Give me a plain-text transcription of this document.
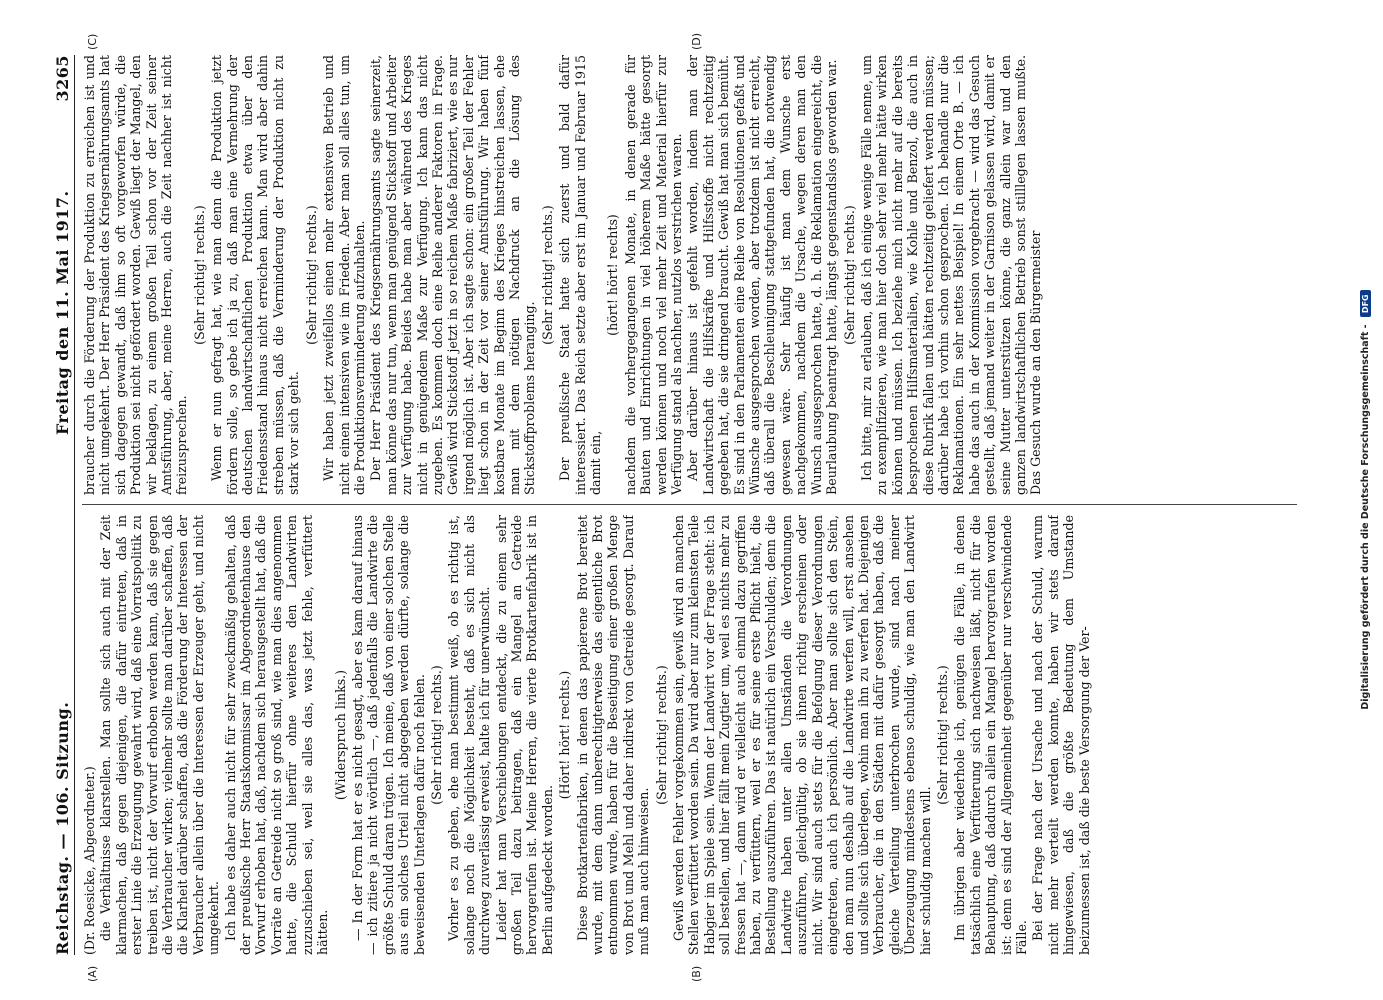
Reichstag. — 106. Sitzung.
Freitag den 11. Mai 1917.
3265

(Dr. Roesicke, Abgeordneter.) die Verhältnisse klarstellen. Man sollte sich auch mit der Zeit klarmachen, daß gegen diejenigen, die dafür eintreten, daß in erster Linie die Erzeugung gewahrt wird, daß eine Vorratspolitik zu treiben ist, nicht der Vorwurf erhoben werden kann, daß sie gegen die Verbraucher wirken; vielmehr sollte man darüber schaffen, daß die Klarheit darüber schaffen, daß die Förderung der Interessen der Verbraucher allein über die Interessen der Erzeuger geht, und nicht umgekehrt. Ich habe es daher auch nicht für sehr zweckmäßig gehalten, daß der preußische Herr Staatskommissar im Abgeordnetenhause den Vorwurf erhoben hat, daß, nachdem sich herausgestellt hat, daß die Vorräte an Getreide nicht so groß sind, wie man dies angenommen hatte, die Schuld hierfür ohne weiteres den Landwirten zuzuschieben sei, weil sie alles das, was jetzt fehle, verfüttert hätten.

(Widerspruch links.) — In der Form hat er es nicht gesagt, aber es kam darauf hinaus — ich zitiere ja nicht wörtlich —, daß jedenfalls die Landwirte die größte Schuld daran trügen. Ich meine, daß von einer solchen Stelle aus ein solches Urteil nicht abgegeben werden dürfte, solange die beweisenden Unterlagen dafür noch fehlen. (Sehr richtig! rechts.) Vorher es zu geben, ehe man bestimmt weiß, ob es richtig ist, solange noch die Möglichkeit besteht, daß es sich nicht als durchweg zuverlässig erweist, halte ich für unerwünscht. Leider hat man Verschiebungen entdeckt, die zu einem sehr großen Teil dazu beitragen, daß ein Mangel an Getreide hervorgerufen ist. Meine Herren, die vierte Brotkartenfabrik ist in Berlin aufgedeckt worden.

(Hört! hört! rechts.) Diese Brotkartenfabriken, in denen das papierene Brot bereitet wurde, mit dem dann unberechtigterweise das eigentliche Brot entnommen wurde, haben für die Beseitigung einer großen Menge von Brot und Mehl und daher indirekt von Getreide gesorgt. Darauf muß man auch hinweisen.

(Sehr richtig! rechts.) Gewiß werden Fehler vorgekommen sein, gewiß wird an manchen Stellen verfüttert worden sein. Da wird aber nur zum kleinsten Teile Habgier im Spiele sein. Wenn der Landwirt vor der Frage steht: ich soll bestellen, und hier fällt mein Zugtier um, weil es nichts mehr zu fressen hat —, dann wird er vielleicht auch einmal dazu gegriffen haben, zu verfüttern, weil er es für seine erste Pflicht hielt, die Bestellung auszuführen. Das ist natürlich ein Verschulden; denn die Landwirte haben unter allen Umständen die Verordnungen auszuführen, gleichgültig, ob sie ihnen richtig erscheinen oder nicht. Wir sind auch stets für die Befolgung dieser Verordnungen eingetreten, auch ich persönlich. Aber man sollte sich den Stein, den man nun deshalb auf die Landwirte werfen will, erst ansehen und sollte sich überlegen, wohin man ihn zu werfen hat. Diejenigen Verbraucher, die in den Städten mit dafür gesorgt haben, daß die gleiche Verteilung unterbrochen wurde, sind nach meiner Überzeugung mindestens ebenso schuldig, wie man den Landwirt hier schuldig machen will.

(Sehr richtig! rechts.) Im übrigen aber wiederhole ich, genügen die Fälle, in denen tatsächlich eine Verfütterung sich nachweisen läßt, nicht für die Behauptung, daß dadurch allein ein Mangel hervorgerufen worden ist: denn es sind der Allgemeinheit gegenüber nur verschwindende Fälle. Bei der Frage nach der Ursache und nach der Schuld, warum nicht mehr verteilt werden konnte, haben wir stets darauf hingewiesen, daß die größte Bedeutung dem Umstande beizumessen ist, daß die beste Versorgung der Ver-

braucher durch die Förderung der Produktion zu erreichen ist und nicht umgekehrt. Der Herr Präsident des Kriegsernährungsamts hat sich dagegen gewandt, daß ihm so oft vorgeworfen würde, die Produktion sei nicht gefördert worden. Gewiß liegt der Mangel, den wir beklagen, zu einem großen Teil schon vor der Zeit seiner Amtsführung, aber, meine Herren, auch die Zeit nachher ist nicht freizusprechen.

(Sehr richtig! rechts.) Wenn er nun gefragt hat, wie man denn die Produktion jetzt fördern solle, so gebe ich ja zu, daß man eine Vermehrung der deutschen landwirtschaftlichen Produktion etwa über den Friedensstand hinaus nicht erreichen kann. Man wird aber dahin streben müssen, daß die Verminderung der Produktion nicht zu stark vor sich geht.

(Sehr richtig! rechts.) Wir haben jetzt zweifellos einen mehr extensiven Betrieb und nicht einen intensiven wie im Frieden. Aber man soll alles tun, um die Produktionsverminderung aufzuhalten. Der Herr Präsident des Kriegsernährungsamts sagte seinerzeit, man könne das nur tun, wenn man genügend Stickstoff und Arbeiter zur Verfügung habe. Beides habe man aber während des Krieges nicht in genügendem Maße zur Verfügung. Ich kann das nicht zugeben. Es kommen doch eine Reihe anderer Faktoren in Frage. Gewiß wird Stickstoff jetzt in so reichem Maße fabriziert, wie es nur irgend möglich ist. Aber ich sagte schon: ein großer Teil der Fehler liegt schon in der Zeit vor seiner Amtsführung. Wir haben fünf kostbare Monate im Beginn des Krieges hinstreichen lassen, ehe man mit dem nötigen Nachdruck an die Lösung des Stickstoffproblems heranging.

(Sehr richtig! rechts.) Der preußische Staat hatte sich zuerst und bald dafür interessiert. Das Reich setzte aber erst im Januar und Februar 1915 damit ein,

(hört! hört! rechts) nachdem die vorhergegangenen Monate, in denen gerade für Bauten und Einrichtungen in viel höherem Maße hätte gesorgt werden können und noch viel mehr Zeit und Material hierfür zur Verfügung stand als nachher, nutzlos verstrichen waren. Aber darüber hinaus ist gefehlt worden, indem man der Landwirtschaft die Hilfskräfte und Hilfsstoffe nicht rechtzeitig gegeben hat, die sie dringend braucht. Gewiß hat man sich bemüht. Es sind in den Parlamenten eine Reihe von Resolutionen gefaßt und Wünsche ausgesprochen worden, aber trotzdem ist nicht erreicht, daß überall die Beschleunigung stattgefunden hat, die notwendig gewesen wäre. Sehr häufig ist man dem Wunsche erst nachgekommen, nachdem die Ursache, wegen deren man den Wunsch ausgesprochen hatte, d. h. die Reklamation eingereicht, die Beurlaubung beantragt hatte, längst gegenstandslos geworden war. (Sehr richtig! rechts.) Ich bitte, mir zu erlauben, daß ich einige wenige Fälle nenne, um zu exemplifizieren, wie man hier doch sehr viel mehr hätte wirken können und müssen. Ich beziehe mich nicht mehr auf die bereits besprochenen Hilfsmaterialien, wie Kohle und Benzol, die auch in diese Rubrik fallen und hätten rechtzeitig geliefert werden müssen; darüber habe ich vorhin schon gesprochen. Ich behandle nur die Reklamationen. Ein sehr nettes Beispiel! In einem Orte B. — ich habe das auch in der Kommission vorgebracht — wird das Gesuch gestellt, daß jemand weiter in der Garnison gelassen wird, damit er seine Mutter unterstützen könne, die ganz allein war und den ganzen landwirtschaftlichen Betrieb sonst stilllegen lassen mußte. Das Gesuch wurde an den Bürgermeister

(A)	(B)
(C)	(D)
Digitalisierung gefördert durch die Deutsche Forschungsgemeinschaft - DFG
